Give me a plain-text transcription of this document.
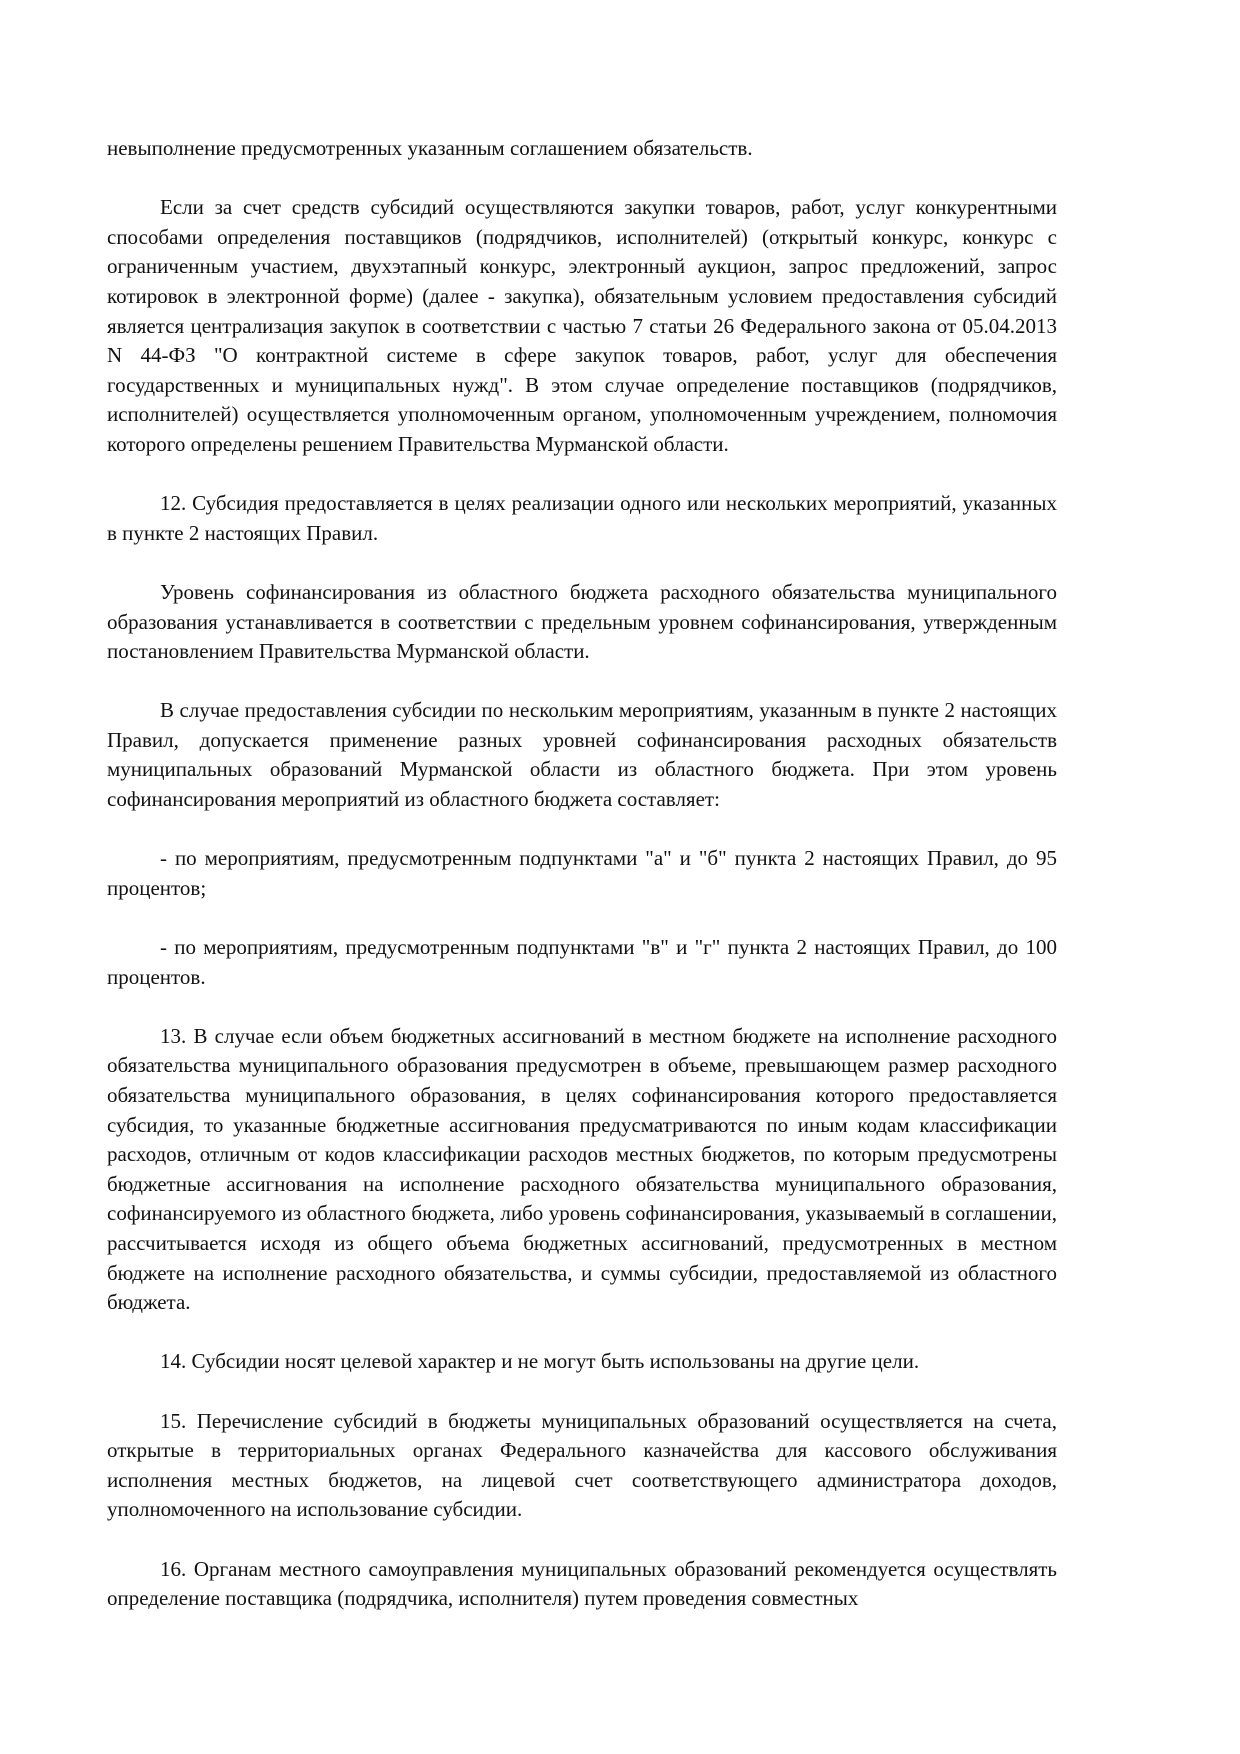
невыполнение предусмотренных указанным соглашением обязательств.

Если за счет средств субсидий осуществляются закупки товаров, работ, услуг конкурентными способами определения поставщиков (подрядчиков, исполнителей) (открытый конкурс, конкурс с ограниченным участием, двухэтапный конкурс, электронный аукцион, запрос предложений, запрос котировок в электронной форме) (далее - закупка), обязательным условием предоставления субсидий является централизация закупок в соответствии с частью 7 статьи 26 Федерального закона от 05.04.2013 N 44-ФЗ "О контрактной системе в сфере закупок товаров, работ, услуг для обеспечения государственных и муниципальных нужд". В этом случае определение поставщиков (подрядчиков, исполнителей) осуществляется уполномоченным органом, уполномоченным учреждением, полномочия которого определены решением Правительства Мурманской области.

12. Субсидия предоставляется в целях реализации одного или нескольких мероприятий, указанных в пункте 2 настоящих Правил.

Уровень софинансирования из областного бюджета расходного обязательства муниципального образования устанавливается в соответствии с предельным уровнем софинансирования, утвержденным постановлением Правительства Мурманской области.

В случае предоставления субсидии по нескольким мероприятиям, указанным в пункте 2 настоящих Правил, допускается применение разных уровней софинансирования расходных обязательств муниципальных образований Мурманской области из областного бюджета. При этом уровень софинансирования мероприятий из областного бюджета составляет:

- по мероприятиям, предусмотренным подпунктами "а" и "б" пункта 2 настоящих Правил, до 95 процентов;

- по мероприятиям, предусмотренным подпунктами "в" и "г" пункта 2 настоящих Правил, до 100 процентов.

13. В случае если объем бюджетных ассигнований в местном бюджете на исполнение расходного обязательства муниципального образования предусмотрен в объеме, превышающем размер расходного обязательства муниципального образования, в целях софинансирования которого предоставляется субсидия, то указанные бюджетные ассигнования предусматриваются по иным кодам классификации расходов, отличным от кодов классификации расходов местных бюджетов, по которым предусмотрены бюджетные ассигнования на исполнение расходного обязательства муниципального образования, софинансируемого из областного бюджета, либо уровень софинансирования, указываемый в соглашении, рассчитывается исходя из общего объема бюджетных ассигнований, предусмотренных в местном бюджете на исполнение расходного обязательства, и суммы субсидии, предоставляемой из областного бюджета.

14. Субсидии носят целевой характер и не могут быть использованы на другие цели.

15. Перечисление субсидий в бюджеты муниципальных образований осуществляется на счета, открытые в территориальных органах Федерального казначейства для кассового обслуживания исполнения местных бюджетов, на лицевой счет соответствующего администратора доходов, уполномоченного на использование субсидии.

16. Органам местного самоуправления муниципальных образований рекомендуется осуществлять определение поставщика (подрядчика, исполнителя) путем проведения совместных
